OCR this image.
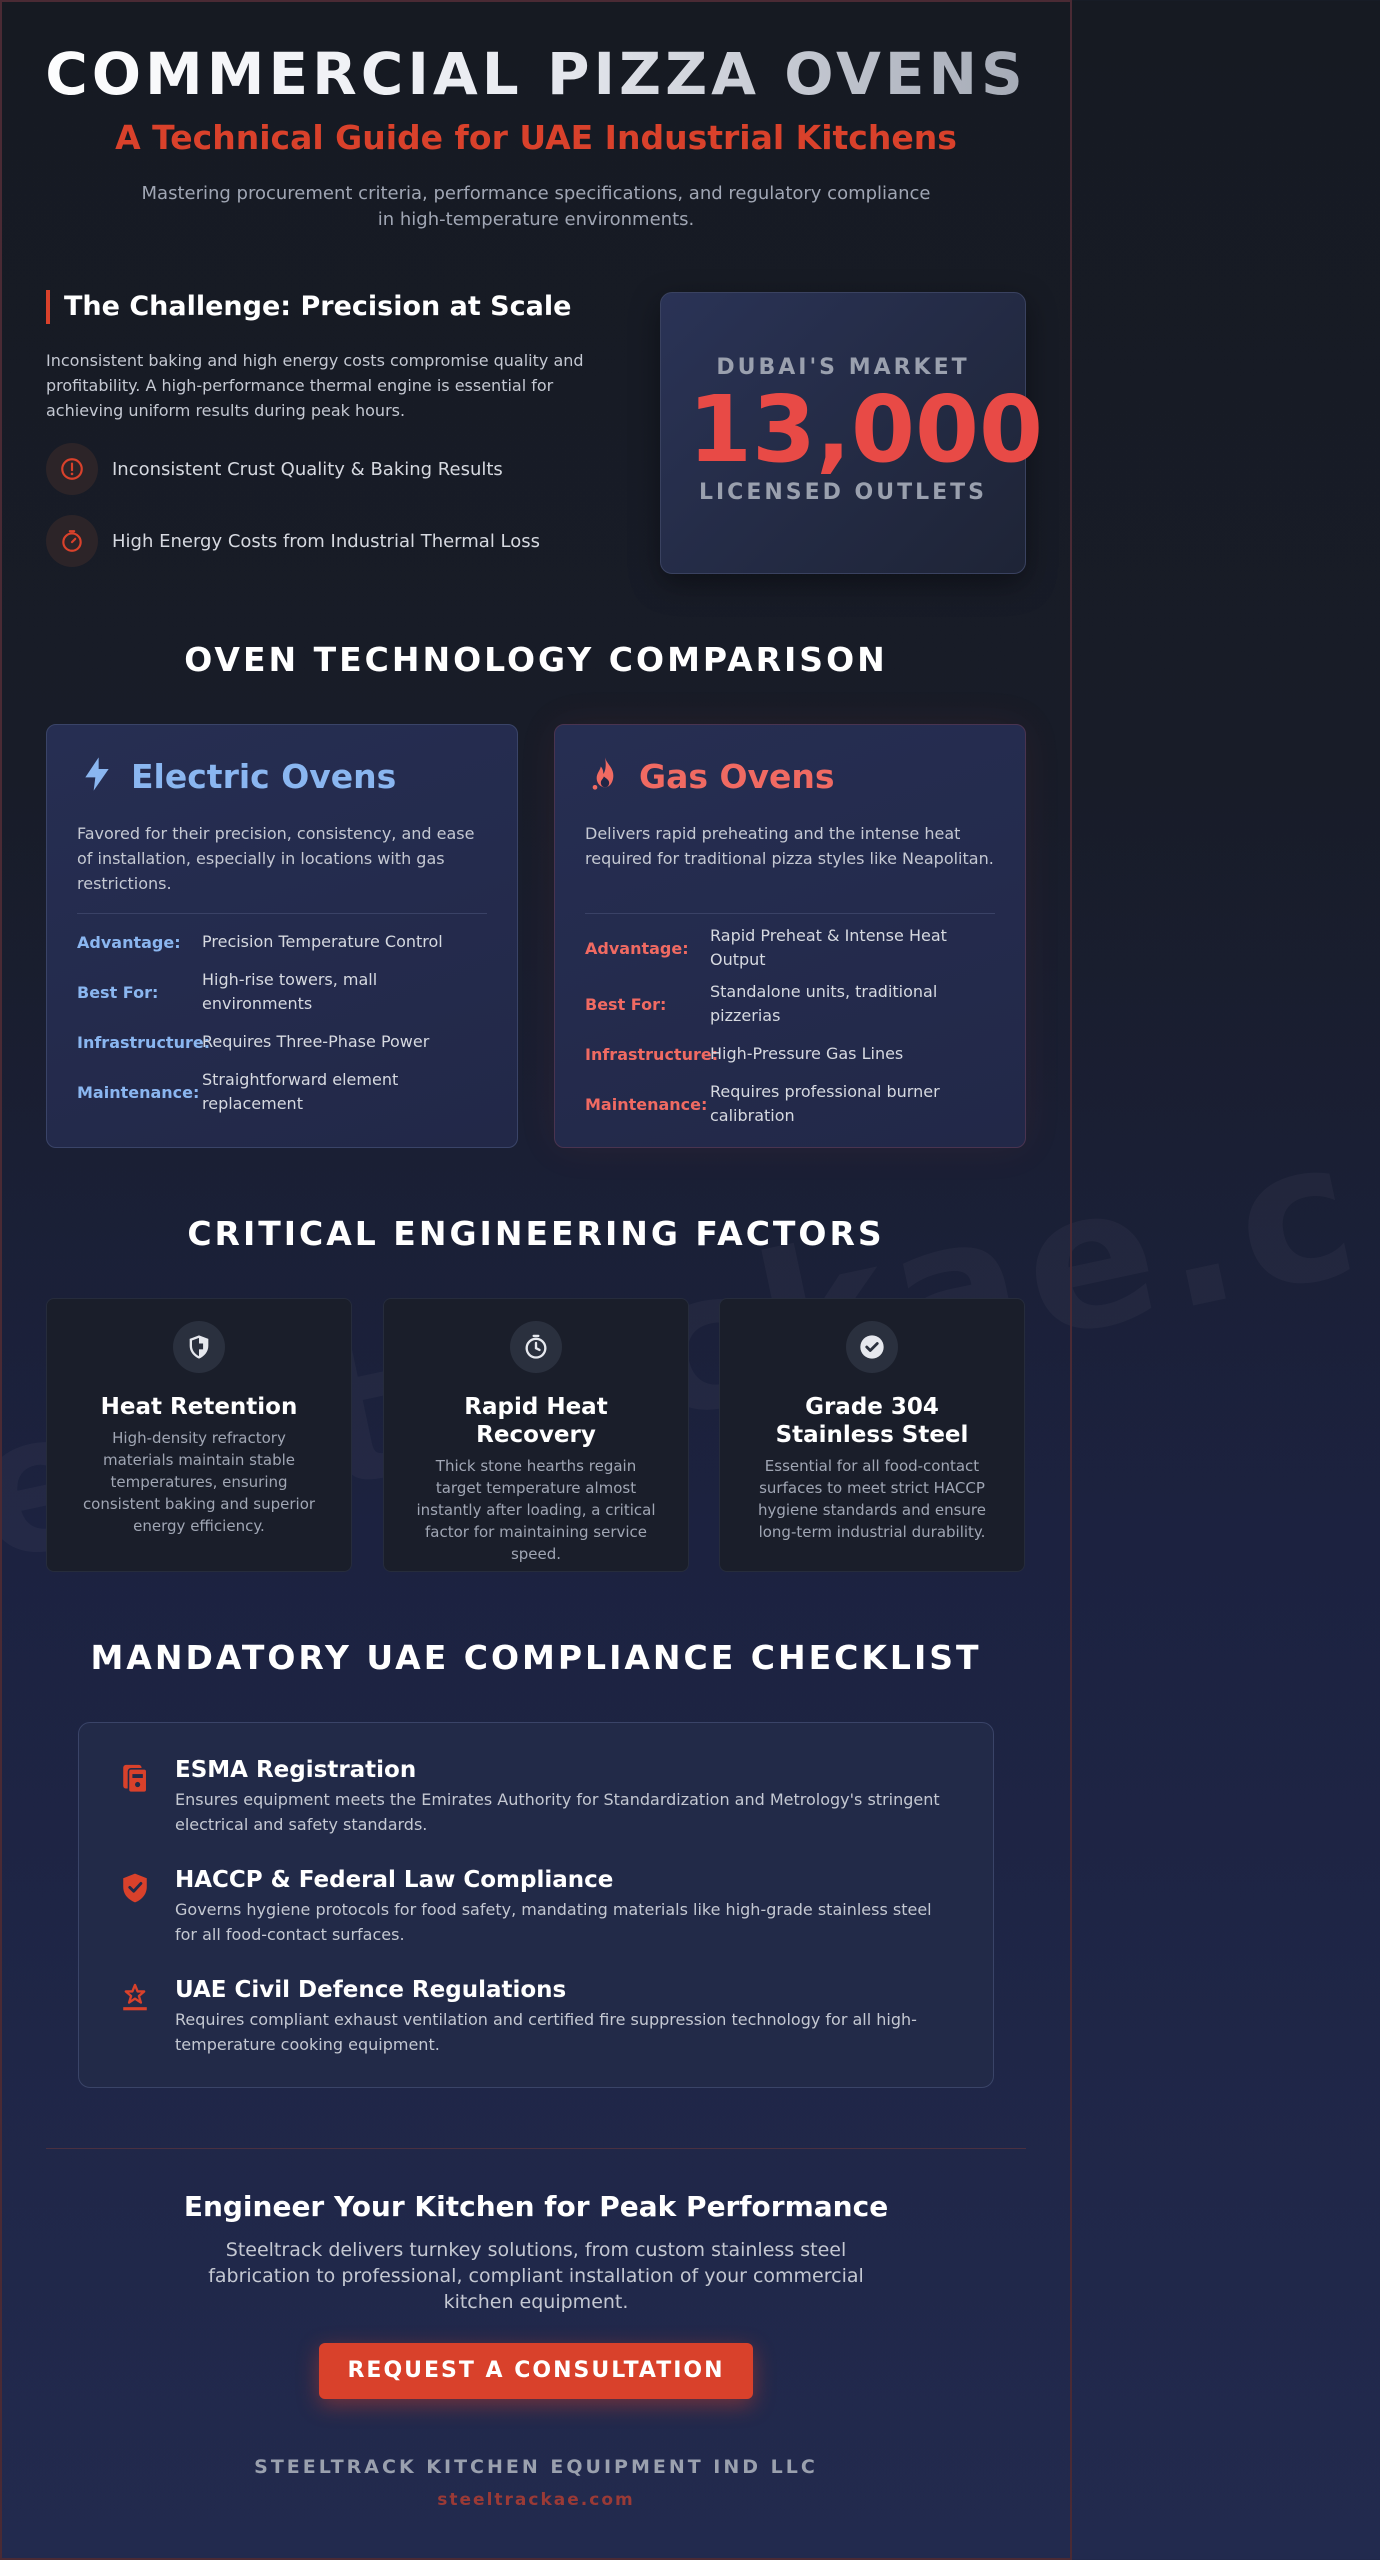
COMMERCIAL PIZZA OVENS
A Technical Guide for UAE Industrial Kitchens

Mastering procurement criteria, performance specifications, and regulatory compliance in high-temperature environments.

The Challenge: Precision at Scale

Inconsistent baking and high energy costs compromise quality and profitability. A high-performance thermal engine is essential for achieving uniform results during peak hours.

Inconsistent Crust Quality & Baking Results
High Energy Costs from Industrial Thermal Loss
DUBAI'S MARKET
13,000
LICENSED OUTLETS
OVEN TECHNOLOGY COMPARISON
Electric Ovens

Favored for their precision, consistency, and ease of installation, especially in locations with gas restrictions.

Advantage:	Precision Temperature Control
Best For:
High-rise towers, mall environments
Infrastructure:
Requires Three-Phase Power
Maintenance:
Straightforward element replacement
Gas Ovens

Delivers rapid preheating and the intense heat required for traditional pizza styles like Neapolitan.

Advantage:
Rapid Preheat & Intense Heat Output
Best For:
Standalone units, traditional pizzerias
Infrastructure:
High-Pressure Gas Lines
Maintenance:
Requires professional burner calibration
CRITICAL ENGINEERING FACTORS
Heat Retention
High-density refractory materials maintain stable temperatures, ensuring consistent baking and superior energy efficiency.
Rapid Heat Recovery
Thick stone hearths regain target temperature almost instantly after loading, a critical factor for maintaining service speed.
Grade 304 Stainless Steel
Essential for all food-contact surfaces to meet strict HACCP hygiene standards and ensure long-term industrial durability.
MANDATORY UAE COMPLIANCE CHECKLIST
ESMA Registration
Ensures equipment meets the Emirates Authority for Standardization and Metrology's stringent electrical and safety standards.
HACCP & Federal Law Compliance
Governs hygiene protocols for food safety, mandating materials like high-grade stainless steel for all food-contact surfaces.
UAE Civil Defence Regulations
Requires compliant exhaust ventilation and certified fire suppression technology for all high-temperature cooking equipment.
Engineer Your Kitchen for Peak Performance

Steeltrack delivers turnkey solutions, from custom stainless steel fabrication to professional, compliant installation of your commercial kitchen equipment.

REQUEST A CONSULTATION
STEELTRACK KITCHEN EQUIPMENT IND LLC
steeltrackae.com
